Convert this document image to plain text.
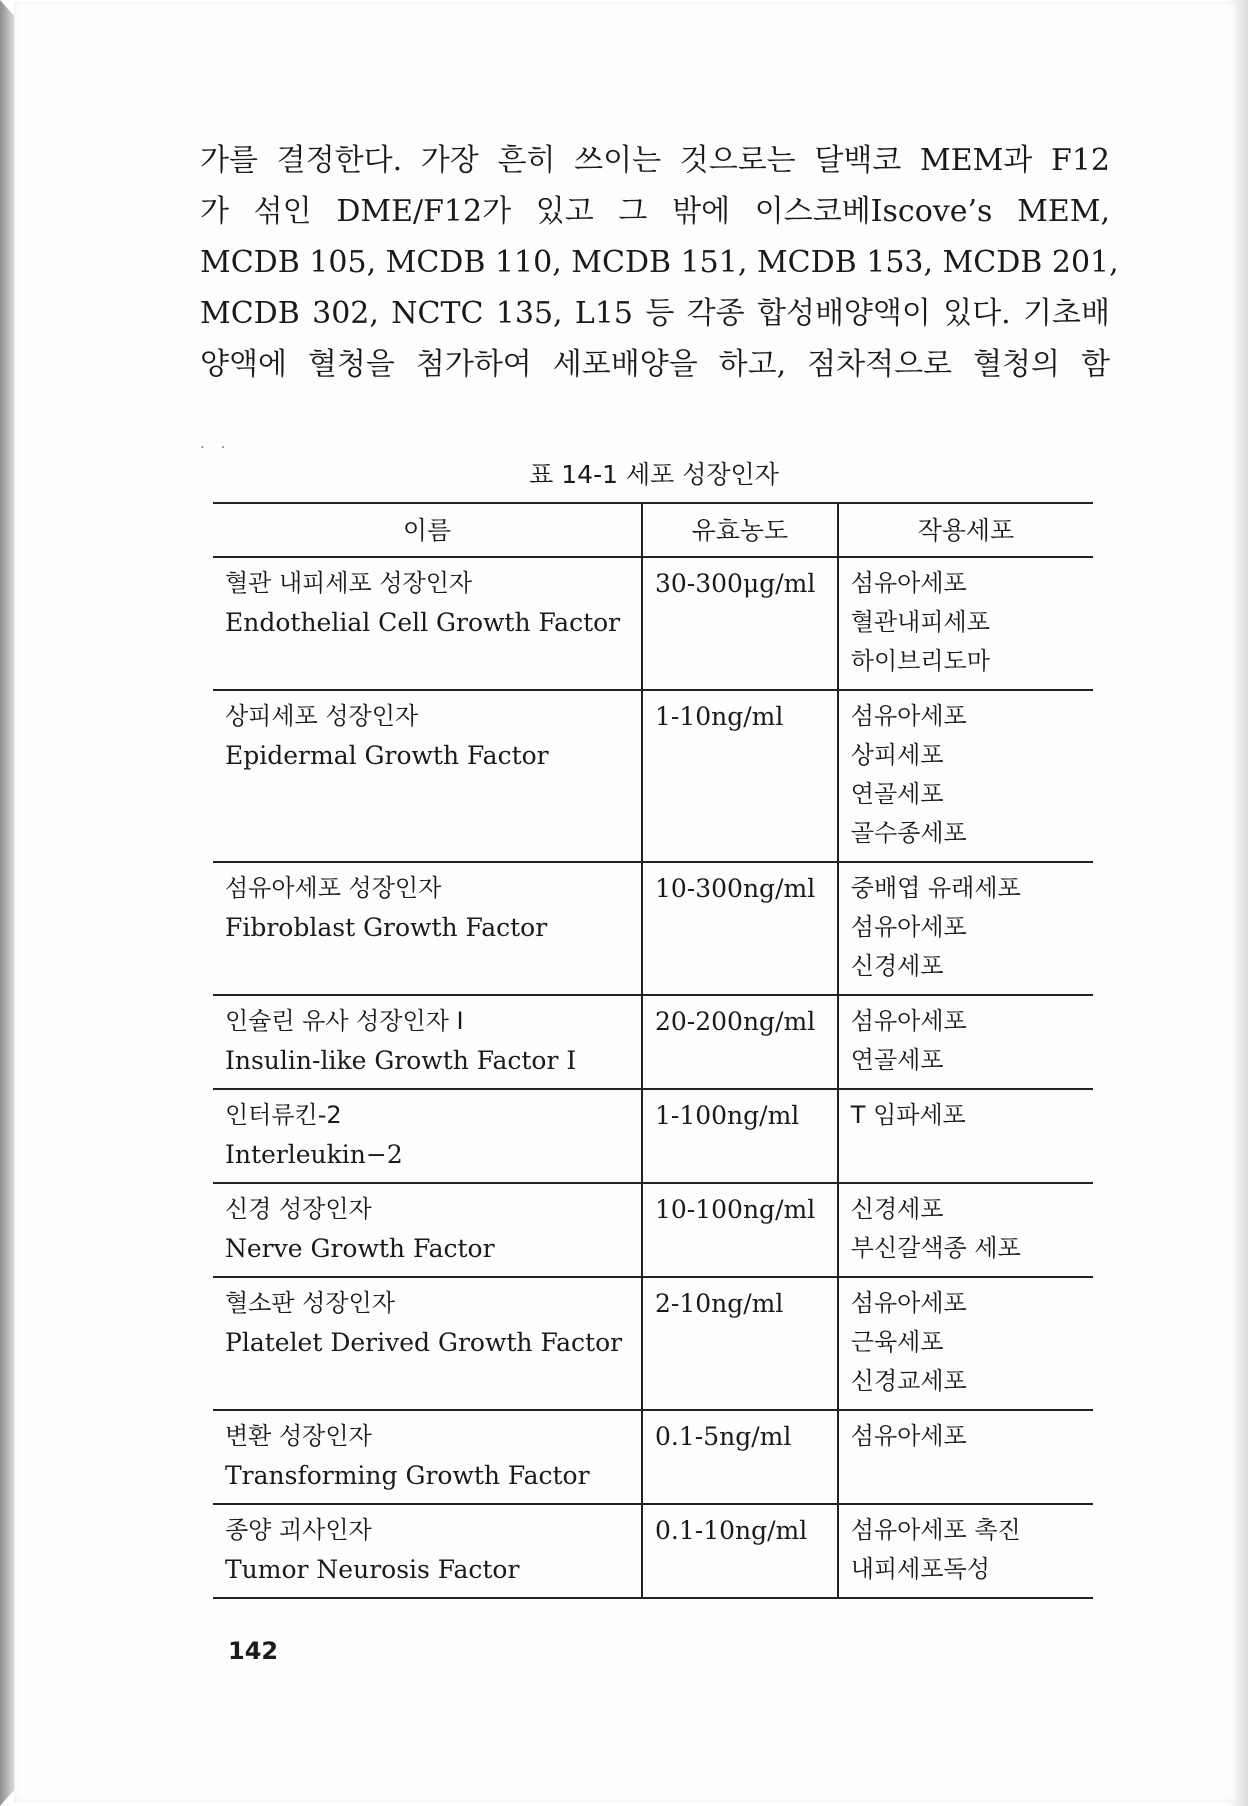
가를 결정한다. 가장 흔히 쓰이는 것으로는 달백코 MEM과 F12
가 섞인 DME/F12가 있고 그 밖에 이스코베Iscove’s MEM,
MCDB 105, MCDB 110, MCDB 151, MCDB 153, MCDB 201,
MCDB 302, NCTC 135, L15 등 각종 합성배양액이 있다. 기초배
양액에 혈청을 첨가하여 세포배양을 하고, 점차적으로 혈청의 함
· ·
표 14-1 세포 성장인자
이름	유효농도	작용세포

혈관 내피세포 성장인자
Endothelial Cell Growth Factor	30-300μg/ml	섬유아세포
혈관내피세포
하이브리도마

상피세포 성장인자
Epidermal Growth Factor	1-10ng/ml	섬유아세포
상피세포
연골세포
골수종세포

섬유아세포 성장인자
Fibroblast Growth Factor	10-300ng/ml	중배엽 유래세포
섬유아세포
신경세포

인슐린 유사 성장인자 I
Insulin-like Growth Factor I	20-200ng/ml	섬유아세포
연골세포

인터류킨-2
Interleukin−2	1-100ng/ml	T 임파세포

신경 성장인자
Nerve Growth Factor	10-100ng/ml	신경세포
부신갈색종 세포

혈소판 성장인자
Platelet Derived Growth Factor	2-10ng/ml	섬유아세포
근육세포
신경교세포

변환 성장인자
Transforming Growth Factor	0.1-5ng/ml	섬유아세포

종양 괴사인자
Tumor Neurosis Factor	0.1-10ng/ml	섬유아세포 촉진
내피세포독성
142
